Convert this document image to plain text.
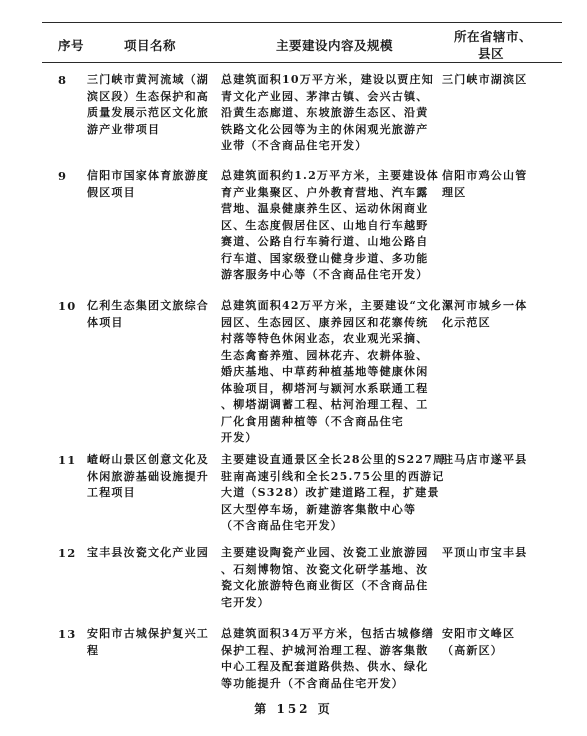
序号	项目名称	主要建设内容及规模
所在省辖市、
县区
8 三门峡市黄河流域（湖
滨区段）生态保护和高
质量发展示范区文化旅
游产业带项目
总建筑面积10万平方米，建设以贾庄知
青文化产业园、茅津古镇、会兴古镇、
沿黄生态廊道、东坡旅游生态区、沿黄
铁路文化公园等为主的休闲观光旅游产
业带（不含商品住宅开发）
三门峡市湖滨区
9 信阳市国家体育旅游度
假区项目
总建筑面积约1.2万平方米，主要建设体
育产业集聚区、户外教育营地、汽车露
营地、温泉健康养生区、运动休闲商业
区、生态度假居住区、山地自行车越野
赛道、公路自行车骑行道、山地公路自
行车道、国家级登山健身步道、多功能
游客服务中心等（不含商品住宅开发）
信阳市鸡公山管
理区
10 亿利生态集团文旅综合
体项目
总建筑面积42万平方米，主要建设“文化
园区、生态园区、康养园区和花寨传统
村落等特色休闲业态，农业观光采摘、
生态禽畜养殖、园林花卉、农耕体验、
婚庆基地、中草药种植基地等健康休闲
体验项目，柳塔河与颍河水系联通工程
、柳塔湖调蓄工程、枯河治理工程、工
厂化食用菌种植等（不含商品住宅
开发）
漯河市城乡一体
化示范区
11 嵖岈山景区创意文化及
休闲旅游基础设施提升
工程项目
主要建设直通景区全长28公里的S227周
驻南高速引线和全长25.75公里的西游记
大道（S328）改扩建道路工程，扩建景
区大型停车场，新建游客集散中心等
（不含商品住宅开发）
驻马店市遂平县
12 宝丰县汝瓷文化产业园 主要建设陶瓷产业园、汝瓷工业旅游园
、石刻博物馆、汝瓷文化研学基地、汝
瓷文化旅游特色商业街区（不含商品住
宅开发）
平顶山市宝丰县
13 安阳市古城保护复兴工
程
总建筑面积34万平方米，包括古城修缮
保护工程、护城河治理工程、游客集散
中心工程及配套道路供热、供水、绿化
等功能提升（不含商品住宅开发）
安阳市文峰区
（高新区）
第 152 页
